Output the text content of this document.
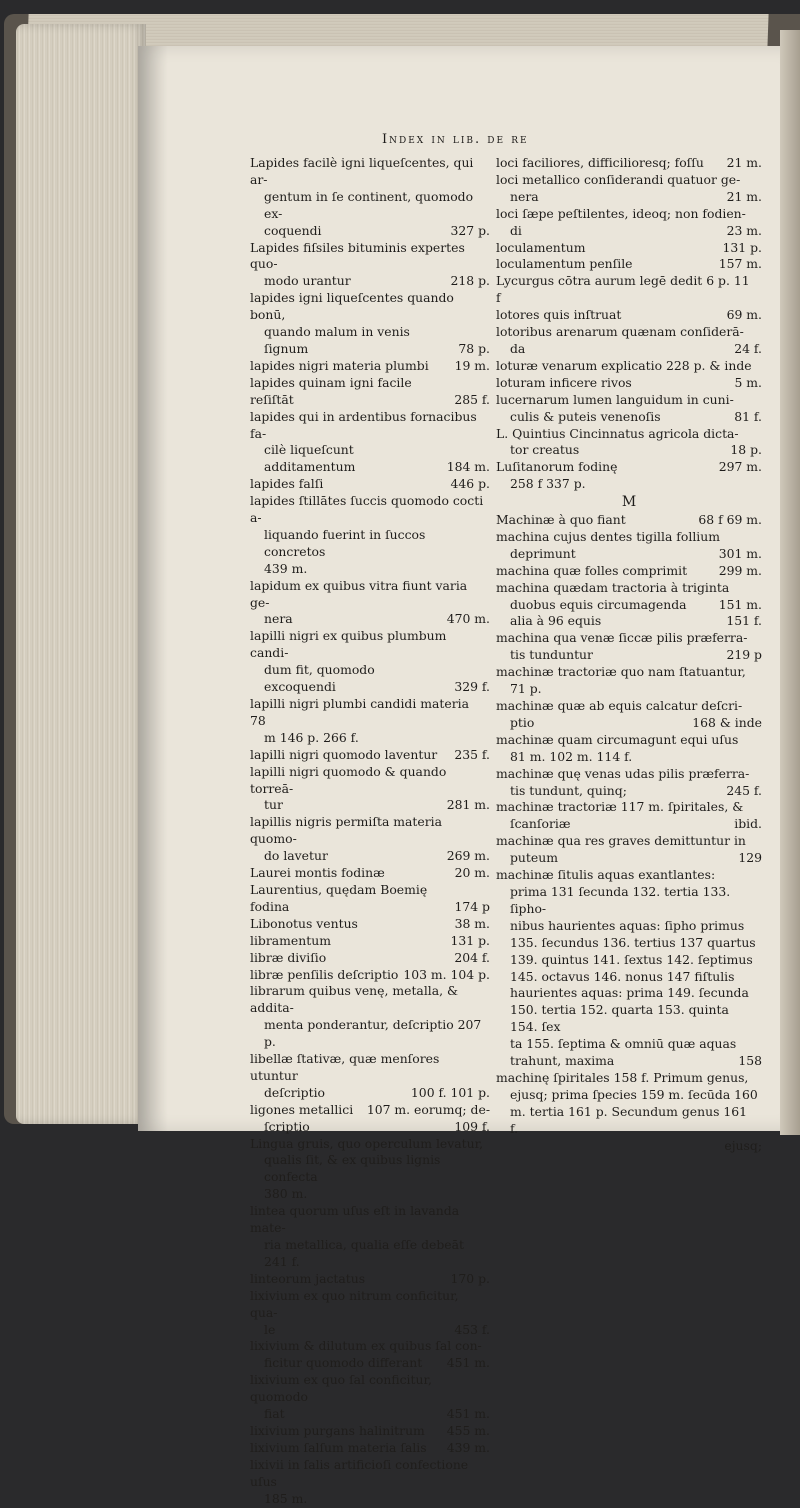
Index in lib. de re
Lapides facilè igni liqueſcentes, qui ar-
gentum in ſe continent, quomodo ex-
coquendi	327 p.
Lapides fiſsiles bituminis expertes quo-
modo urantur	218 p.
lapides igni liqueſcentes quando bonū,
quando malum in venis ſignum	78 p.
lapides nigri materia plumbi	19 m.
lapides quinam igni facile reſiſtāt	285 f.
lapides qui in ardentibus fornacibus fa-
cilè liqueſcunt additamentum	184 m.
lapides falſi	446 p.
lapides ſtillātes ſuccis quomodo cocti a-
liquando fuerint in ſuccos concretos
439 m.
lapidum ex quibus vitra fiunt varia ge-
nera	470 m.
lapilli nigri ex quibus plumbum candi-
dum fit, quomodo excoquendi	329 f.
lapilli nigri plumbi candidi materia 78
m 146 p. 266 f.
lapilli nigri quomodo laventur	235 f.
lapilli nigri quomodo & quando torreā-
tur	281 m.
lapillis nigris permiſta materia quomo-
do lavetur	269 m.
Laurei montis fodinæ	20 m.
Laurentius, quędam Boemię fodina	174 p
Libonotus ventus	38 m.
libramentum	131 p.
libræ diviſio	204 f.
libræ penſilis deſcriptio 103 m. 104 p.
librarum quibus venę, metalla, & addita-
menta ponderantur, deſcriptio 207 p.
libellæ ſtativæ, quæ menſores utuntur
deſcriptio	100 f. 101 p.
ligones metallici	107 m. eorumq; de-
ſcriptio	109 f.
Lingua gruis, quo operculum levatur,
qualis ſit, & ex quibus lignis confecta
380 m.
lintea quorum uſus eſt in lavanda mate-
ria metallica, qualia eſſe debeāt 241 f.
linteorum jactatus	170 p.
lixivium ex quo nitrum conficitur, qua-
le	453 f.
lixivium & dilutum ex quibus ſal con-
ficitur quomodo differant	451 m.
lixivium ex quo ſal conficitur, quomodo
fiat	451 m.
lixivium purgans halinitrum	455 m.
lixivium ſalſum materia ſalis	439 m.
lixivii in ſalis artificioſi confectione uſus
185 m.
loci faciliores, difficilioresq; foſſu	21 m.
loci metallico conſiderandi quatuor ge-
nera	21 m.
loci ſæpe peſtilentes, ideoq; non fodien-
di	23 m.
loculamentum	131 p.
loculamentum penſile	157 m.
Lycurgus cōtra aurum legē dedit 6 p. 11 f
lotores quis inſtruat	69 m.
lotoribus arenarum quænam conſiderā-
da	24 f.
loturæ venarum explicatio 228 p. & inde
loturam inficere rivos	5 m.
lucernarum lumen languidum in cuni-
culis & puteis venenoſis	81 f.
L. Quintius Cincinnatus agricola dicta-
tor creatus	18 p.
Luſitanorum fodinę	297 m.
258 f 337 p.
M
Machinæ à quo fiant	68 f 69 m.
machina cujus dentes tigilla follium
deprimunt	301 m.
machina quæ folles comprimit	299 m.
machina quædam tractoria à triginta
duobus equis circumagenda	151 m.
alia à 96 equis	151 f.
machina qua venæ ſiccæ pilis præferra-
tis tunduntur	219 p
machinæ tractoriæ quo nam ſtatuantur,
71 p.
machinæ quæ ab equis calcatur deſcri-
ptio	168 & inde
machinæ quam circumagunt equi uſus
81 m. 102 m. 114 f.
machinæ quę venas udas pilis præferra-
tis tundunt, quinq;	245 f.
machinæ tractoriæ 117 m. ſpiritales, &
ſcanſoriæ	ibid.
machinæ qua res graves demittuntur in
puteum	129
machinæ ſitulis aquas exantlantes:
prima 131 ſecunda 132. tertia 133. ſipho-
nibus haurientes aquas: ſipho primus
135. ſecundus 136. tertius 137 quartus
139. quintus 141. ſextus 142. ſeptimus
145. octavus 146. nonus 147 fiſtulis
haurientes aquas: prima 149. ſecunda
150. tertia 152. quarta 153. quinta 154. ſex
ta 155. ſeptima & omniū quæ aquas
trahunt, maxima	158
machinę ſpiritales 158 f. Primum genus,
ejusq; prima ſpecies 159 m. ſecūda 160
m. tertia 161 p. Secundum genus 161 f.
ejusq;
